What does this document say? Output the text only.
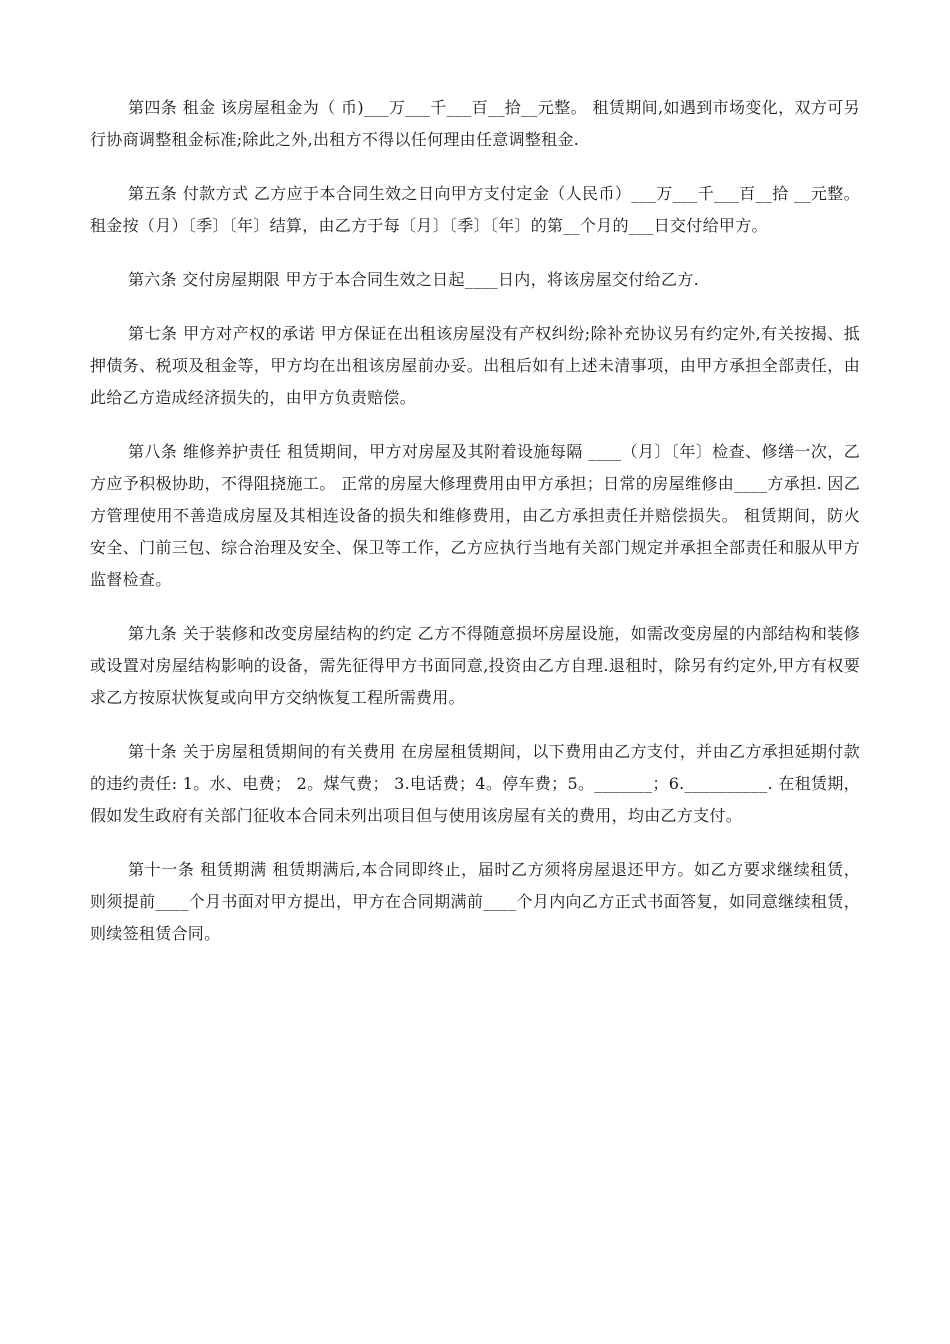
第四条 租金 该房屋租金为（ 币)___万___千___百__拾__元整。 租赁期间,如遇到市场变化，双方可另行协商调整租金标准;除此之外,出租方不得以任何理由任意调整租金.

第五条 付款方式 乙方应于本合同生效之日向甲方支付定金（人民币）___万___千___百__拾 __元整。租金按（月）〔季〕〔年〕结算，由乙方于每〔月〕〔季〕〔年〕的第__个月的___日交付给甲方。

第六条 交付房屋期限 甲方于本合同生效之日起____日内，将该房屋交付给乙方.

第七条 甲方对产权的承诺 甲方保证在出租该房屋没有产权纠纷;除补充协议另有约定外,有关按揭、抵押债务、税项及租金等，甲方均在出租该房屋前办妥。出租后如有上述未清事项，由甲方承担全部责任，由此给乙方造成经济损失的，由甲方负责赔偿。

第八条 维修养护责任 租赁期间，甲方对房屋及其附着设施每隔 ____（月〕〔年〕检查、修缮一次，乙方应予积极协助，不得阻挠施工。 正常的房屋大修理费用由甲方承担；日常的房屋维修由____方承担. 因乙方管理使用不善造成房屋及其相连设备的损失和维修费用，由乙方承担责任并赔偿损失。 租赁期间，防火安全、门前三包、综合治理及安全、保卫等工作，乙方应执行当地有关部门规定并承担全部责任和服从甲方监督检查。

第九条 关于装修和改变房屋结构的约定 乙方不得随意损坏房屋设施，如需改变房屋的内部结构和装修或设置对房屋结构影响的设备，需先征得甲方书面同意,投资由乙方自理.退租时，除另有约定外,甲方有权要求乙方按原状恢复或向甲方交纳恢复工程所需费用。

第十条 关于房屋租赁期间的有关费用 在房屋租赁期间，以下费用由乙方支付，并由乙方承担延期付款的违约责任: 1。水、电费； 2。煤气费； 3.电话费；4。停车费；5。_______；6.__________. 在租赁期，假如发生政府有关部门征收本合同未列出项目但与使用该房屋有关的费用，均由乙方支付。

第十一条 租赁期满 租赁期满后,本合同即终止，届时乙方须将房屋退还甲方。如乙方要求继续租赁，则须提前____个月书面对甲方提出，甲方在合同期满前____个月内向乙方正式书面答复，如同意继续租赁，则续签租赁合同。
